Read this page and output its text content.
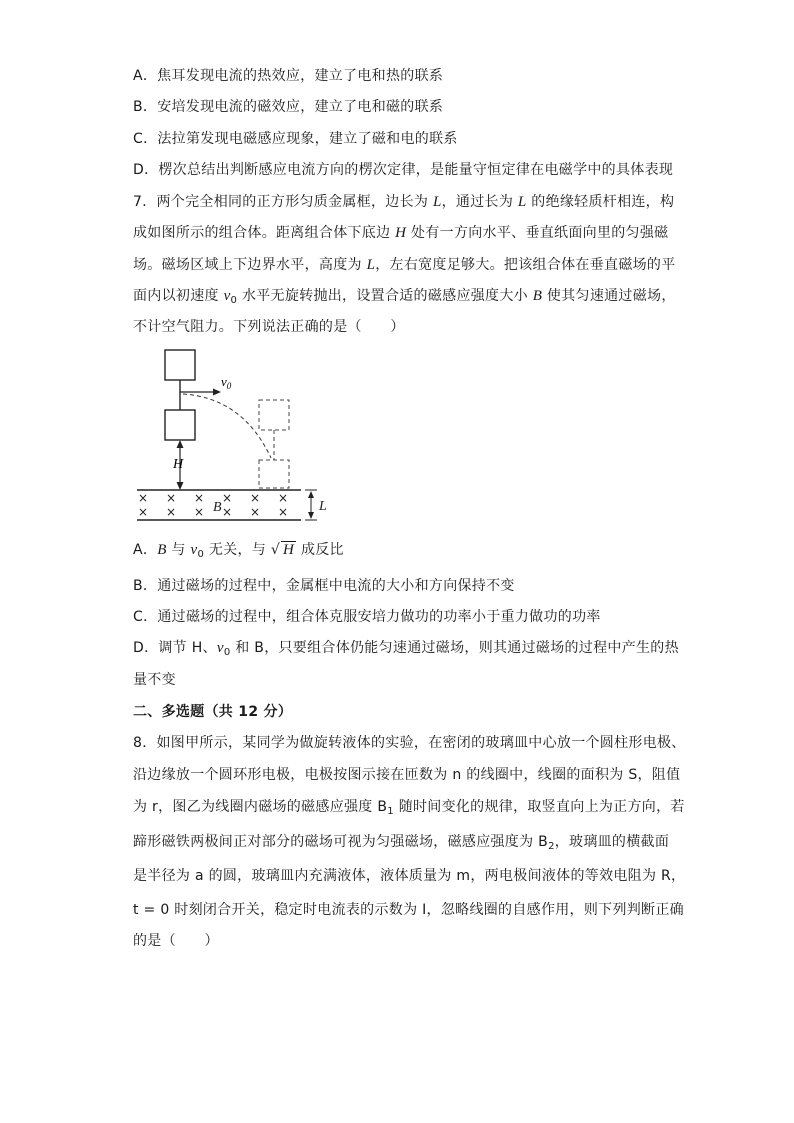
A．焦耳发现电流的热效应，建立了电和热的联系
B．安培发现电流的磁效应，建立了电和磁的联系
C．法拉第发现电磁感应现象，建立了磁和电的联系
D．楞次总结出判断感应电流方向的楞次定律，是能量守恒定律在电磁学中的具体表现
7．两个完全相同的正方形匀质金属框，边长为 L，通过长为 L 的绝缘轻质杆相连，构
成如图所示的组合体。距离组合体下底边 H 处有一方向水平、垂直纸面向里的匀强磁
场。磁场区域上下边界水平，高度为 L，左右宽度足够大。把该组合体在垂直磁场的平
面内以初速度 $v_0$ 水平无旋转抛出，设置合适的磁感应强度大小 B 使其匀速通过磁场，
不计空气阻力。下列说法正确的是（　　）
$v_0$
H
× × × × × ×
× × × × × ×
B	L
A．B 与 $v_0$ 无关，与 √ H 成反比
B．通过磁场的过程中，金属框中电流的大小和方向保持不变
C．通过磁场的过程中，组合体克服安培力做功的功率小于重力做功的功率
D．调节 H、$v_0$ 和 B，只要组合体仍能匀速通过磁场，则其通过磁场的过程中产生的热
量不变
二、多选题（共 12 分）
8．如图甲所示，某同学为做旋转液体的实验，在密闭的玻璃皿中心放一个圆柱形电极、
沿边缘放一个圆环形电极，电极按图示接在匝数为 n 的线圈中，线圈的面积为 S，阻值
为 r，图乙为线圈内磁场的磁感应强度 $B_1$ 随时间变化的规律，取竖直向上为正方向，若
蹄形磁铁两极间正对部分的磁场可视为匀强磁场，磁感应强度为 $B_2$，玻璃皿的横截面
是半径为 a 的圆，玻璃皿内充满液体，液体质量为 m，两电极间液体的等效电阻为 R，
t = 0 时刻闭合开关，稳定时电流表的示数为 I，忽略线圈的自感作用，则下列判断正确
的是（　　）
